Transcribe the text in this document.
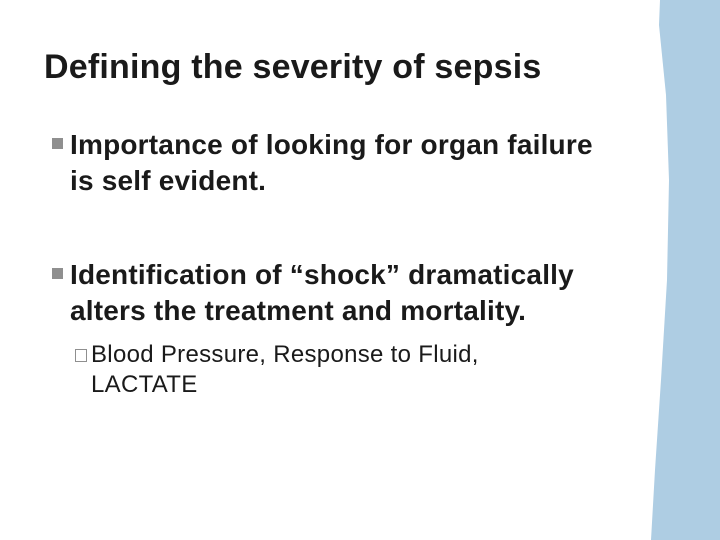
Defining the severity of sepsis
Importance of looking for organ failure is self evident.
Identification of “shock” dramatically alters the treatment and mortality.
Blood Pressure, Response to Fluid, LACTATE
